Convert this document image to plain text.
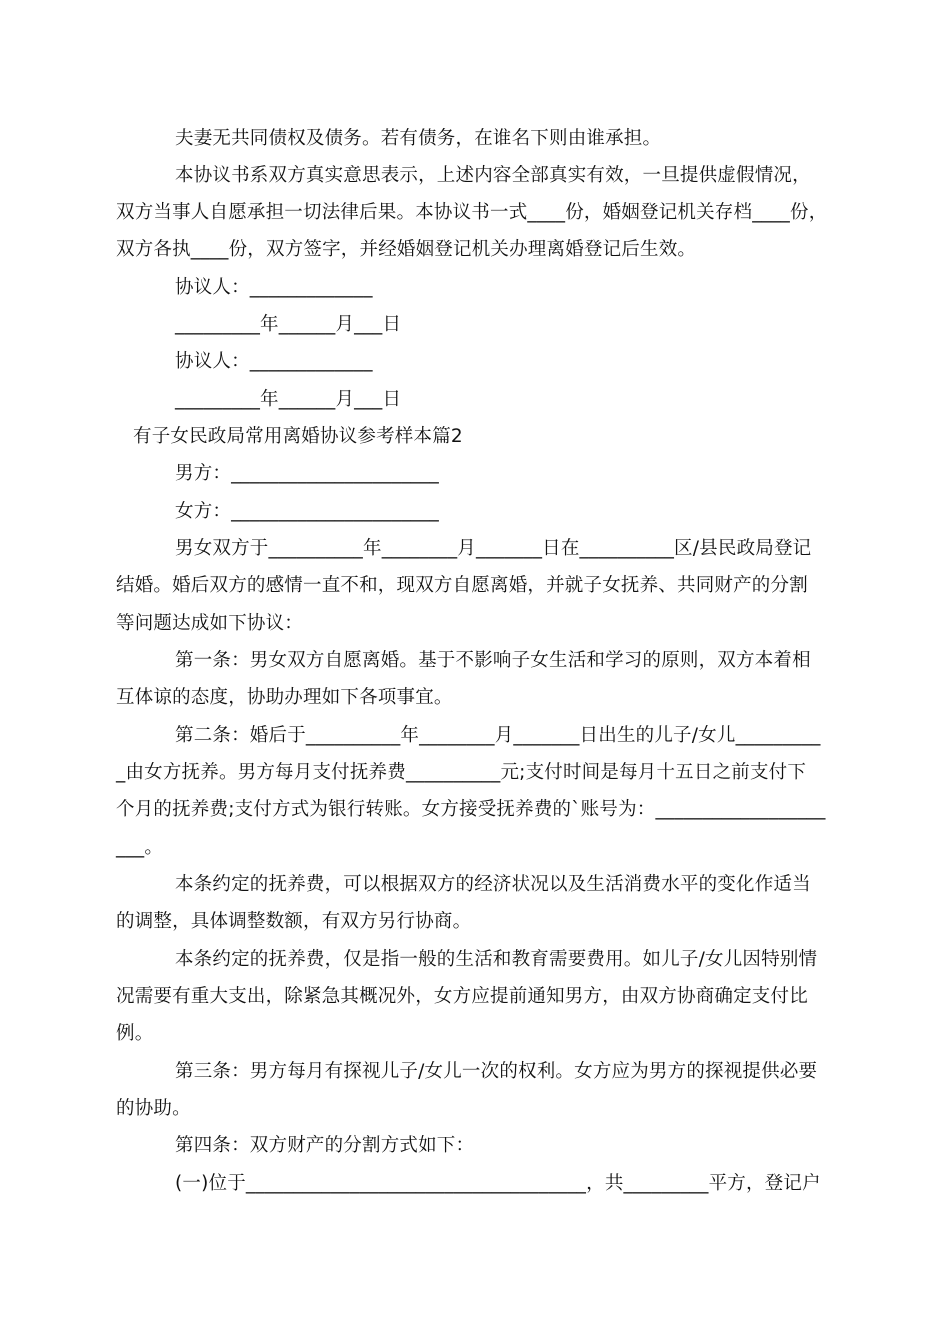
夫妻无共同债权及债务。若有债务，在谁名下则由谁承担。
本协议书系双方真实意思表示，上述内容全部真实有效，一旦提供虚假情况，
双方当事人自愿承担一切法律后果。本协议书一式____份，婚姻登记机关存档____份，
双方各执____份，双方签字，并经婚姻登记机关办理离婚登记后生效。
协议人：_____________
_________年______月___日
协议人：_____________
_________年______月___日
有子女民政局常用离婚协议参考样本篇2
男方：______________________
女方：______________________
男女双方于__________年________月_______日在__________区/县民政局登记
结婚。婚后双方的感情一直不和，现双方自愿离婚，并就子女抚养、共同财产的分割
等问题达成如下协议：
第一条：男女双方自愿离婚。基于不影响子女生活和学习的原则，双方本着相
互体谅的态度，协助办理如下各项事宜。
第二条：婚后于__________年________月_______日出生的儿子/女儿_________
_由女方抚养。男方每月支付抚养费__________元;支付时间是每月十五日之前支付下
个月的抚养费;支付方式为银行转账。女方接受抚养费的`账号为：__________________
___。
本条约定的抚养费，可以根据双方的经济状况以及生活消费水平的变化作适当
的调整，具体调整数额，有双方另行协商。
本条约定的抚养费，仅是指一般的生活和教育需要费用。如儿子/女儿因特别情
况需要有重大支出，除紧急其概况外，女方应提前通知男方，由双方协商确定支付比
例。
第三条：男方每月有探视儿子/女儿一次的权利。女方应为男方的探视提供必要
的协助。
第四条：双方财产的分割方式如下：
(一)位于____________________________________，共_________平方，登记户
